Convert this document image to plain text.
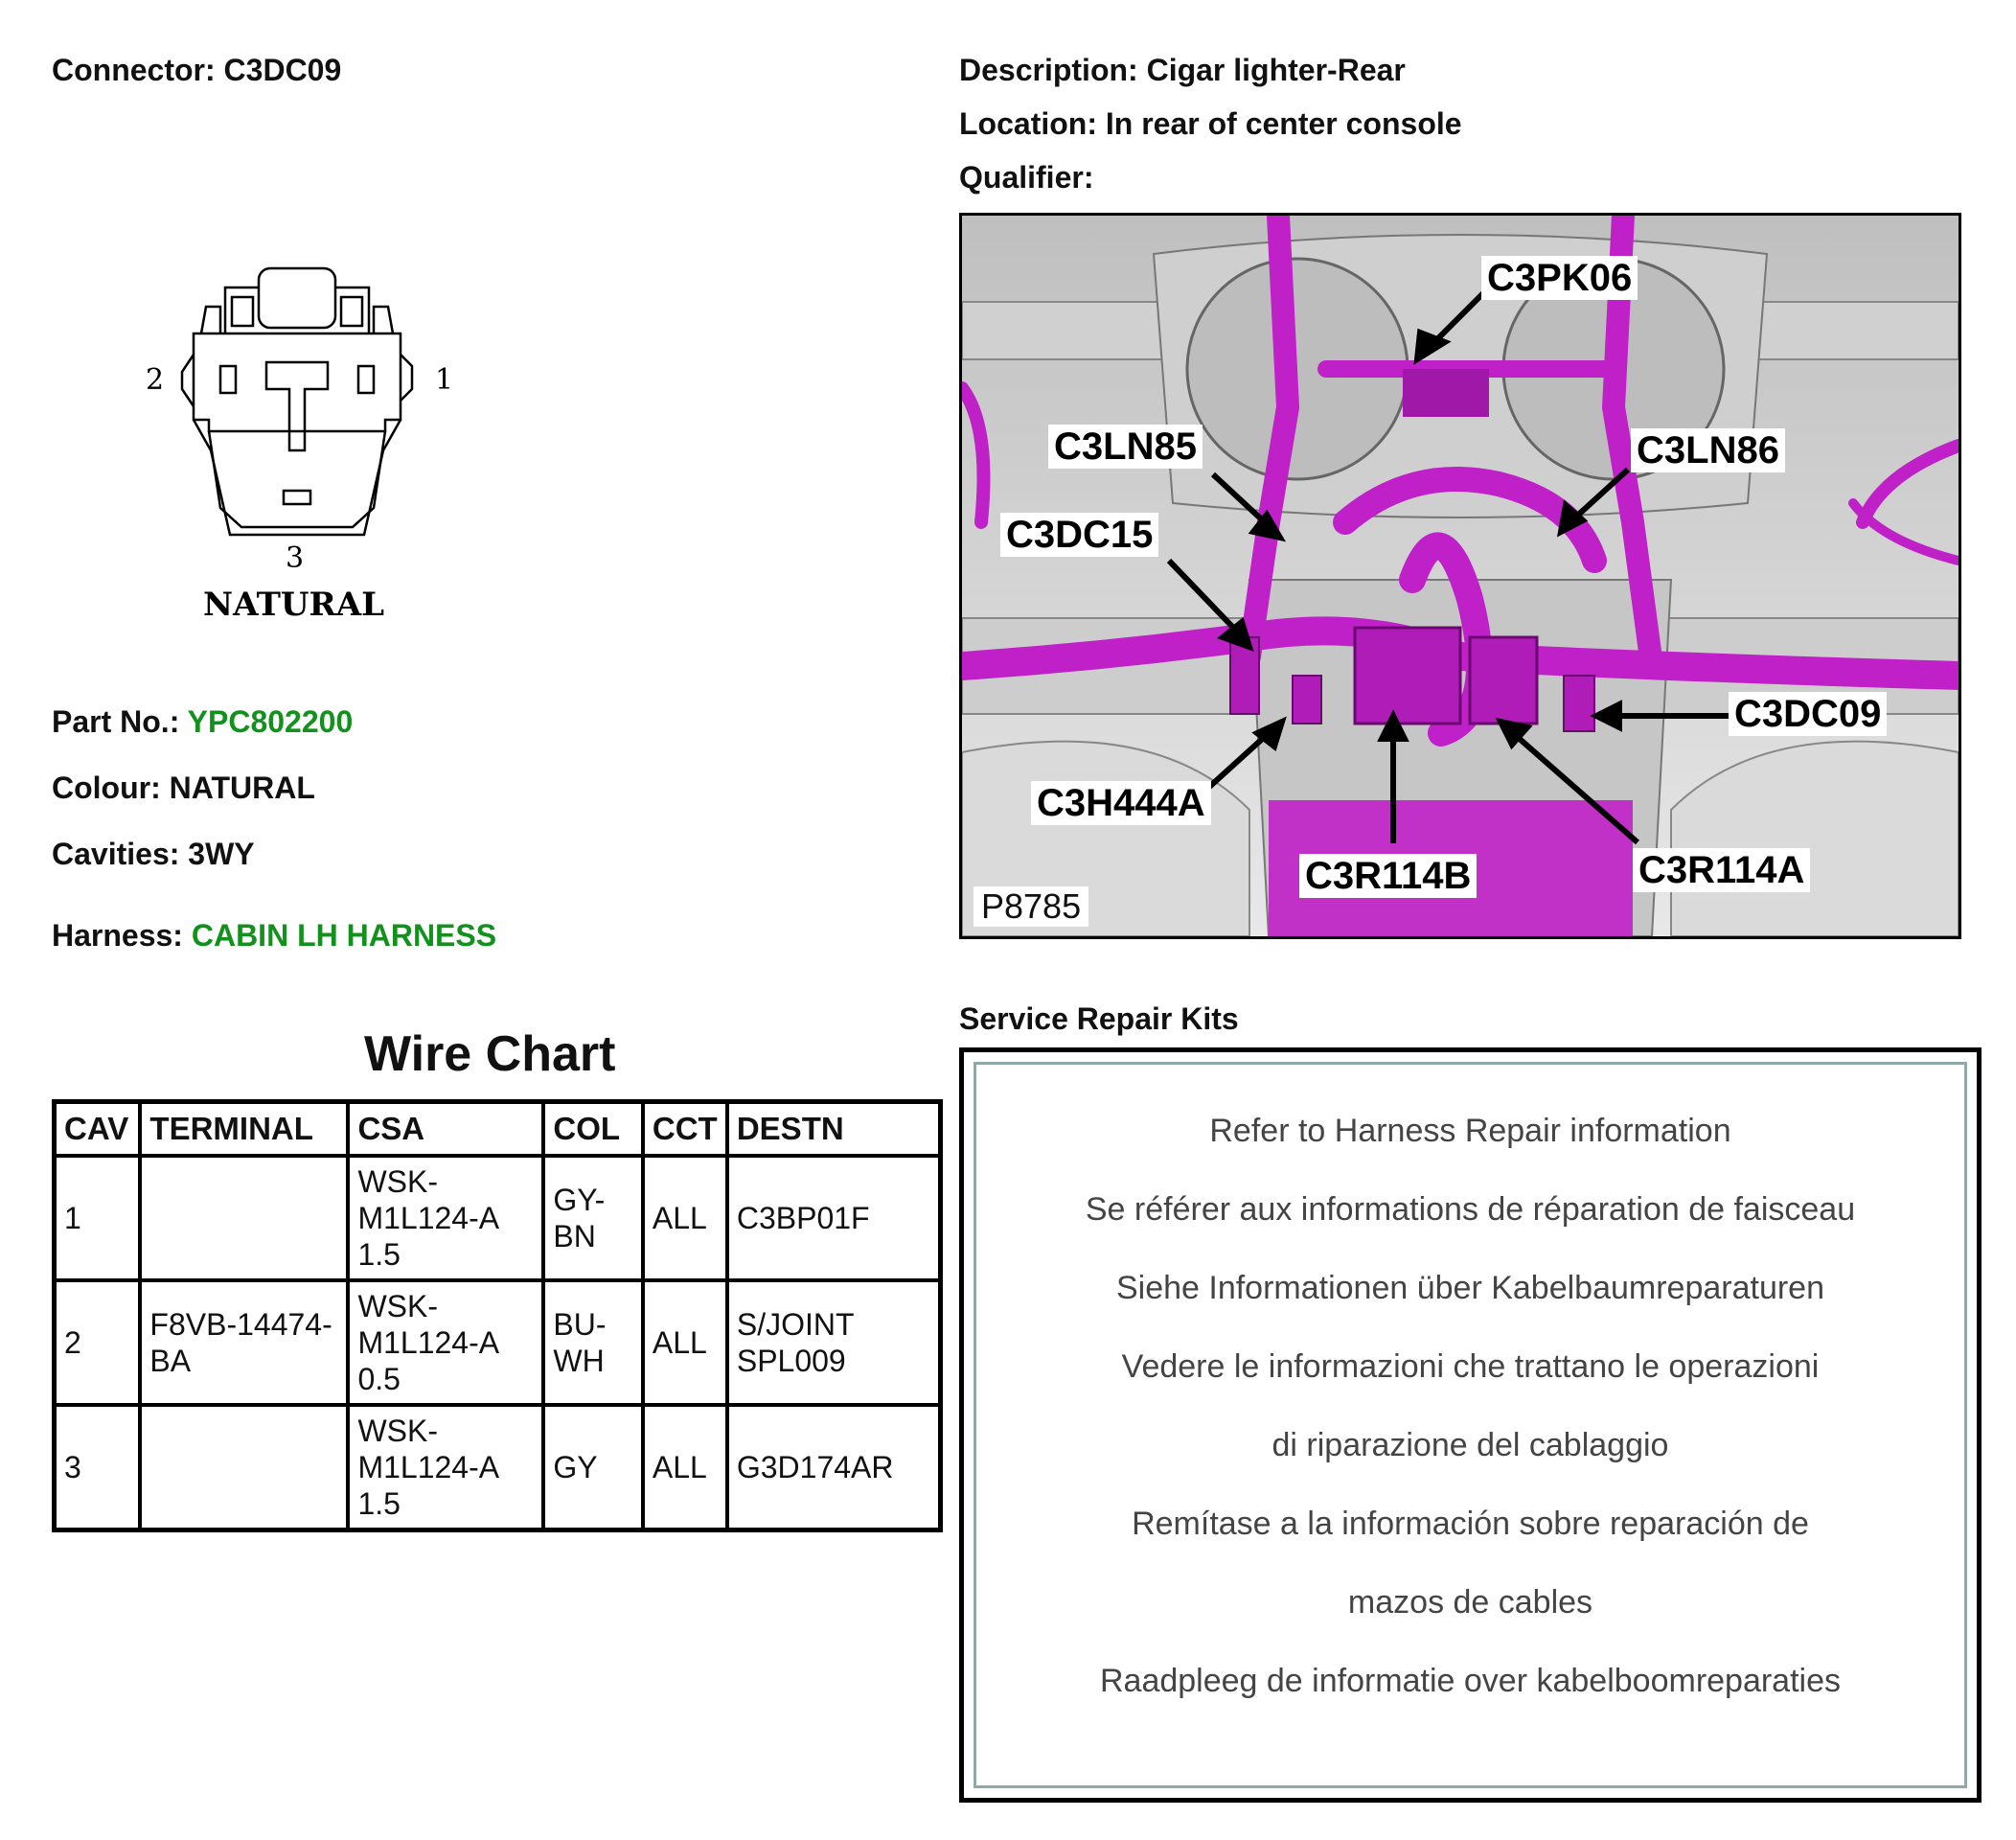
Connector: C3DC09	Description: Cigar lighter-Rear
Location: In rear of center console
Qualifier:
2	1
3
NATURAL
Part No.: YPC802200
Colour: NATURAL
Cavities: 3WY
Harness: CABIN LH HARNESS
Wire Chart
CAV	TERMINAL	CSA	COL	CCT	DESTN
1		WSK-M1L124-A 1.5	GY-BN	ALL	C3BP01F
2	F8VB-14474-BA	WSK-M1L124-A 0.5	BU-WH	ALL	S/JOINT SPL009
3		WSK-M1L124-A 1.5	GY	ALL	G3D174AR
C3PK06
C3LN85	C3LN86
C3DC15
C3DC09
C3H444A
C3R114B	C3R114A
P8785
Service Repair Kits
Refer to Harness Repair information
Se référer aux informations de réparation de faisceau
Siehe Informationen über Kabelbaumreparaturen
Vedere le informazioni che trattano le operazioni
di riparazione del cablaggio
Remítase a la información sobre reparación de
mazos de cables
Raadpleeg de informatie over kabelboomreparaties
